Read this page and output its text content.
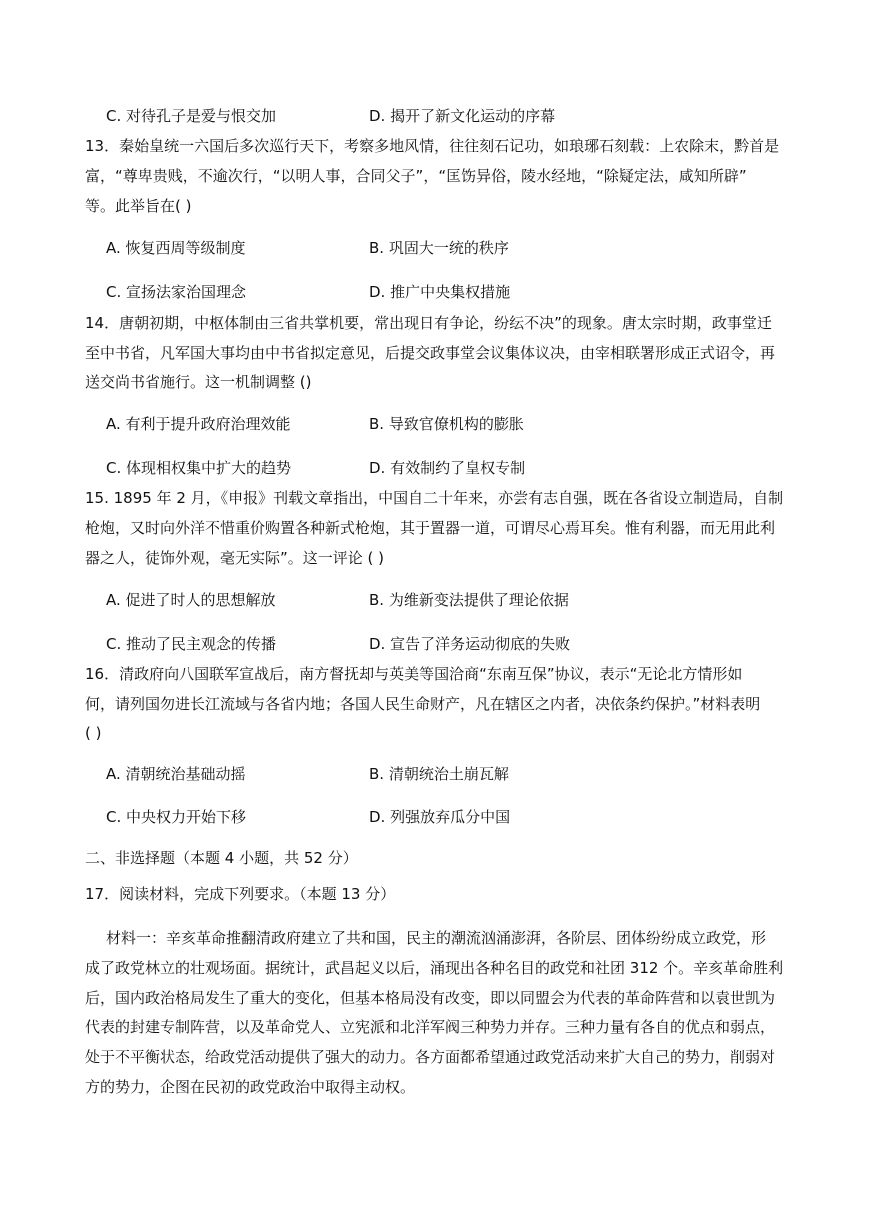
C. 对待孔子是爱与恨交加	D. 揭开了新文化运动的序幕
13．秦始皇统一六国后多次巡行天下，考察多地风情，往往刻石记功，如琅琊石刻载：上农除末，黔首是
富，“尊卑贵贱，不逾次行，“以明人事，合同父子”，“匡饬异俗，陵水经地，“除疑定法，咸知所辟”
等。此举旨在( )
A. 恢复西周等级制度	B. 巩固大一统的秩序
C. 宣扬法家治国理念	D. 推广中央集权措施
14．唐朝初期，中枢体制由三省共掌机要，常出现日有争论，纷纭不决”的现象。唐太宗时期，政事堂迁
至中书省，凡军国大事均由中书省拟定意见，后提交政事堂会议集体议决，由宰相联署形成正式诏令，再
送交尚书省施行。这一机制调整 ()
A. 有利于提升政府治理效能	B. 导致官僚机构的膨胀
C. 体现相权集中扩大的趋势	D. 有效制约了皇权专制
15. 1895 年 2 月，《申报》刊载文章指出，中国自二十年来，亦尝有志自强，既在各省设立制造局，自制
枪炮，又时向外洋不惜重价购置各种新式枪炮，其于置器一道，可谓尽心焉耳矣。惟有利器，而无用此利
器之人，徒饰外观，毫无实际”。这一评论 ( )
A. 促进了时人的思想解放	B. 为维新变法提供了理论依据
C. 推动了民主观念的传播	D. 宣告了洋务运动彻底的失败
16．清政府向八国联军宣战后，南方督抚却与英美等国洽商“东南互保”协议，表示“无论北方情形如
何，请列国勿进长江流域与各省内地；各国人民生命财产，凡在辖区之内者，决依条约保护。”材料表明
( )
A. 清朝统治基础动摇	B. 清朝统治土崩瓦解
C. 中央权力开始下移	D. 列强放弃瓜分中国
二、非选择题（本题 4 小题，共 52 分）
17．阅读材料，完成下列要求。（本题 13 分）
材料一：辛亥革命推翻清政府建立了共和国，民主的潮流汹涌澎湃，各阶层、团体纷纷成立政党，形
成了政党林立的壮观场面。据统计，武昌起义以后，涌现出各种名目的政党和社团 312 个。辛亥革命胜利
后，国内政治格局发生了重大的变化，但基本格局没有改变，即以同盟会为代表的革命阵营和以袁世凯为
代表的封建专制阵营，以及革命党人、立宪派和北洋军阀三种势力并存。三种力量有各自的优点和弱点，
处于不平衡状态，给政党活动提供了强大的动力。各方面都希望通过政党活动来扩大自己的势力，削弱对
方的势力，企图在民初的政党政治中取得主动权。
